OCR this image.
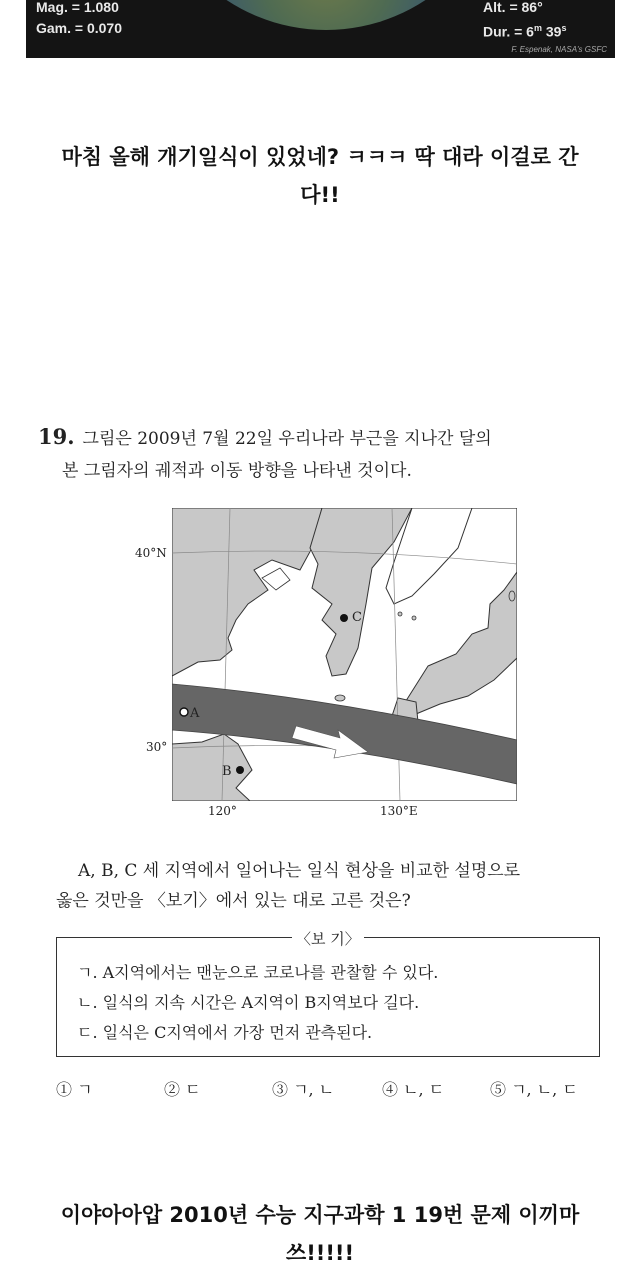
Mag. = 1.080
Gam. = 0.070
Alt. = 86°
Dur. = $6^m$ 39$^s$
F. Espenak, NASA's GSFC
마침 올해 개기일식이 있었네? ㅋㅋㅋ 딱 대라 이걸로 간
다!!
19. 그림은 2009년 7월 22일 우리나라 부근을 지나간 달의
본 그림자의 궤적과 이동 방향을 나타낸 것이다.
40°N
30°
120°	130°E
A
B
C
A, B, C 세 지역에서 일어나는 일식 현상을 비교한 설명으로
옳은 것만을 〈보기〉에서 있는 대로 고른 것은?
〈보 기〉
ㄱ. A지역에서는 맨눈으로 코로나를 관찰할 수 있다.
ㄴ. 일식의 지속 시간은 A지역이 B지역보다 길다.
ㄷ. 일식은 C지역에서 가장 먼저 관측된다.
① ㄱ	② ㄷ	③ ㄱ, ㄴ	④ ㄴ, ㄷ	⑤ ㄱ, ㄴ, ㄷ
이야아아압 2010년 수능 지구과학 1 19번 문제 이끼마
쓰!!!!!
